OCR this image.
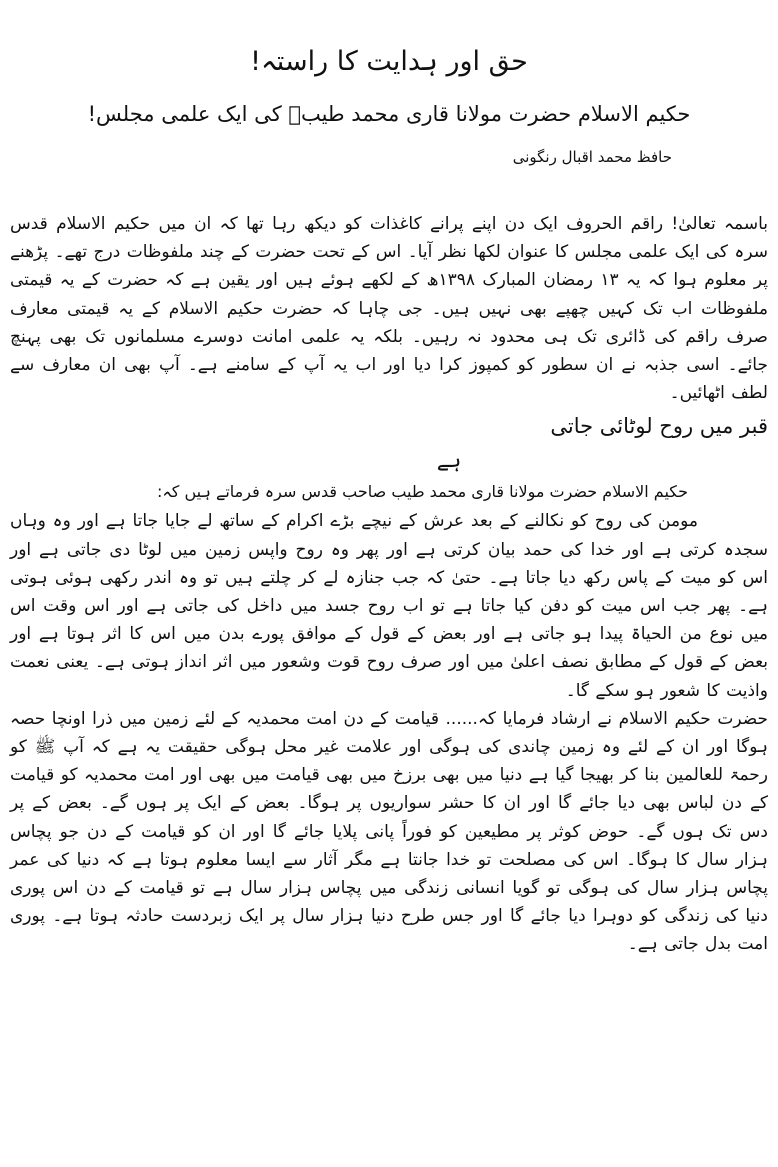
حق اور ہدایت کا راستہ!
حکیم الاسلام حضرت مولانا قاری محمد طیبؒ کی ایک علمی مجلس!
حافظ محمد اقبال رنگونی

باسمہ تعالیٰ! راقم الحروف ایک دن اپنے پرانے کاغذات کو دیکھ رہا تھا کہ ان میں حکیم الاسلام قدس سرہ کی ایک علمی مجلس کا عنوان لکھا نظر آیا۔ اس کے تحت حضرت کے چند ملفوظات درج تھے۔ پڑھنے پر معلوم ہوا کہ یہ ۱۳ رمضان المبارک ۱۳۹۸ھ کے لکھے ہوئے ہیں اور یقین ہے کہ حضرت کے یہ قیمتی ملفوظات اب تک کہیں چھپے بھی نہیں ہیں۔ جی چاہا کہ حضرت حکیم الاسلام کے یہ قیمتی معارف صرف راقم کی ڈائری تک ہی محدود نہ رہیں۔ بلکہ یہ علمی امانت دوسرے مسلمانوں تک بھی پہنچ جائے۔ اسی جذبہ نے ان سطور کو کمپوز کرا دیا اور اب یہ آپ کے سامنے ہے۔ آپ بھی ان معارف سے لطف اٹھائیں۔

قبر میں روح لوٹائی جاتی
ہے
حکیم الاسلام حضرت مولانا قاری محمد طیب صاحب قدس سرہ فرماتے ہیں کہ:

مومن کی روح کو نکالنے کے بعد عرش کے نیچے بڑے اکرام کے ساتھ لے جایا جاتا ہے اور وہ وہاں سجدہ کرتی ہے اور خدا کی حمد بیان کرتی ہے اور پھر وہ روح واپس زمین میں لوٹا دی جاتی ہے اور اس کو میت کے پاس رکھ دیا جاتا ہے۔ حتیٰ کہ جب جنازہ لے کر چلتے ہیں تو وہ اندر رکھی ہوئی ہوتی ہے۔ پھر جب اس میت کو دفن کیا جاتا ہے تو اب روح جسد میں داخل کی جاتی ہے اور اس وقت اس میں نوع من الحیاۃ پیدا ہو جاتی ہے اور بعض کے قول کے موافق پورے بدن میں اس کا اثر ہوتا ہے اور بعض کے قول کے مطابق نصف اعلیٰ میں اور صرف روح قوت وشعور میں اثر انداز ہوتی ہے۔ یعنی نعمت واذیت کا شعور ہو سکے گا۔

حضرت حکیم الاسلام نے ارشاد فرمایا کہ...... قیامت کے دن امت محمدیہ کے لئے زمین میں ذرا اونچا حصہ ہوگا اور ان کے لئے وہ زمین چاندی کی ہوگی اور علامت غیر محل ہوگی حقیقت یہ ہے کہ آپ ﷺ کو رحمۃ للعالمین بنا کر بھیجا گیا ہے دنیا میں بھی برزخ میں بھی قیامت میں بھی اور امت محمدیہ کو قیامت کے دن لباس بھی دیا جائے گا اور ان کا حشر سواریوں پر ہوگا۔ بعض کے ایک پر ہوں گے۔ بعض کے پر دس تک ہوں گے۔ حوض کوثر پر مطیعین کو فوراً پانی پلایا جائے گا اور ان کو قیامت کے دن جو پچاس ہزار سال کا ہوگا۔ اس کی مصلحت تو خدا جانتا ہے مگر آثار سے ایسا معلوم ہوتا ہے کہ دنیا کی عمر پچاس ہزار سال کی ہوگی تو گویا انسانی زندگی میں پچاس ہزار سال ہے تو قیامت کے دن اس پوری دنیا کی زندگی کو دوہرا دیا جائے گا اور جس طرح دنیا ہزار سال پر ایک زبردست حادثہ ہوتا ہے۔ پوری امت بدل جاتی ہے۔
